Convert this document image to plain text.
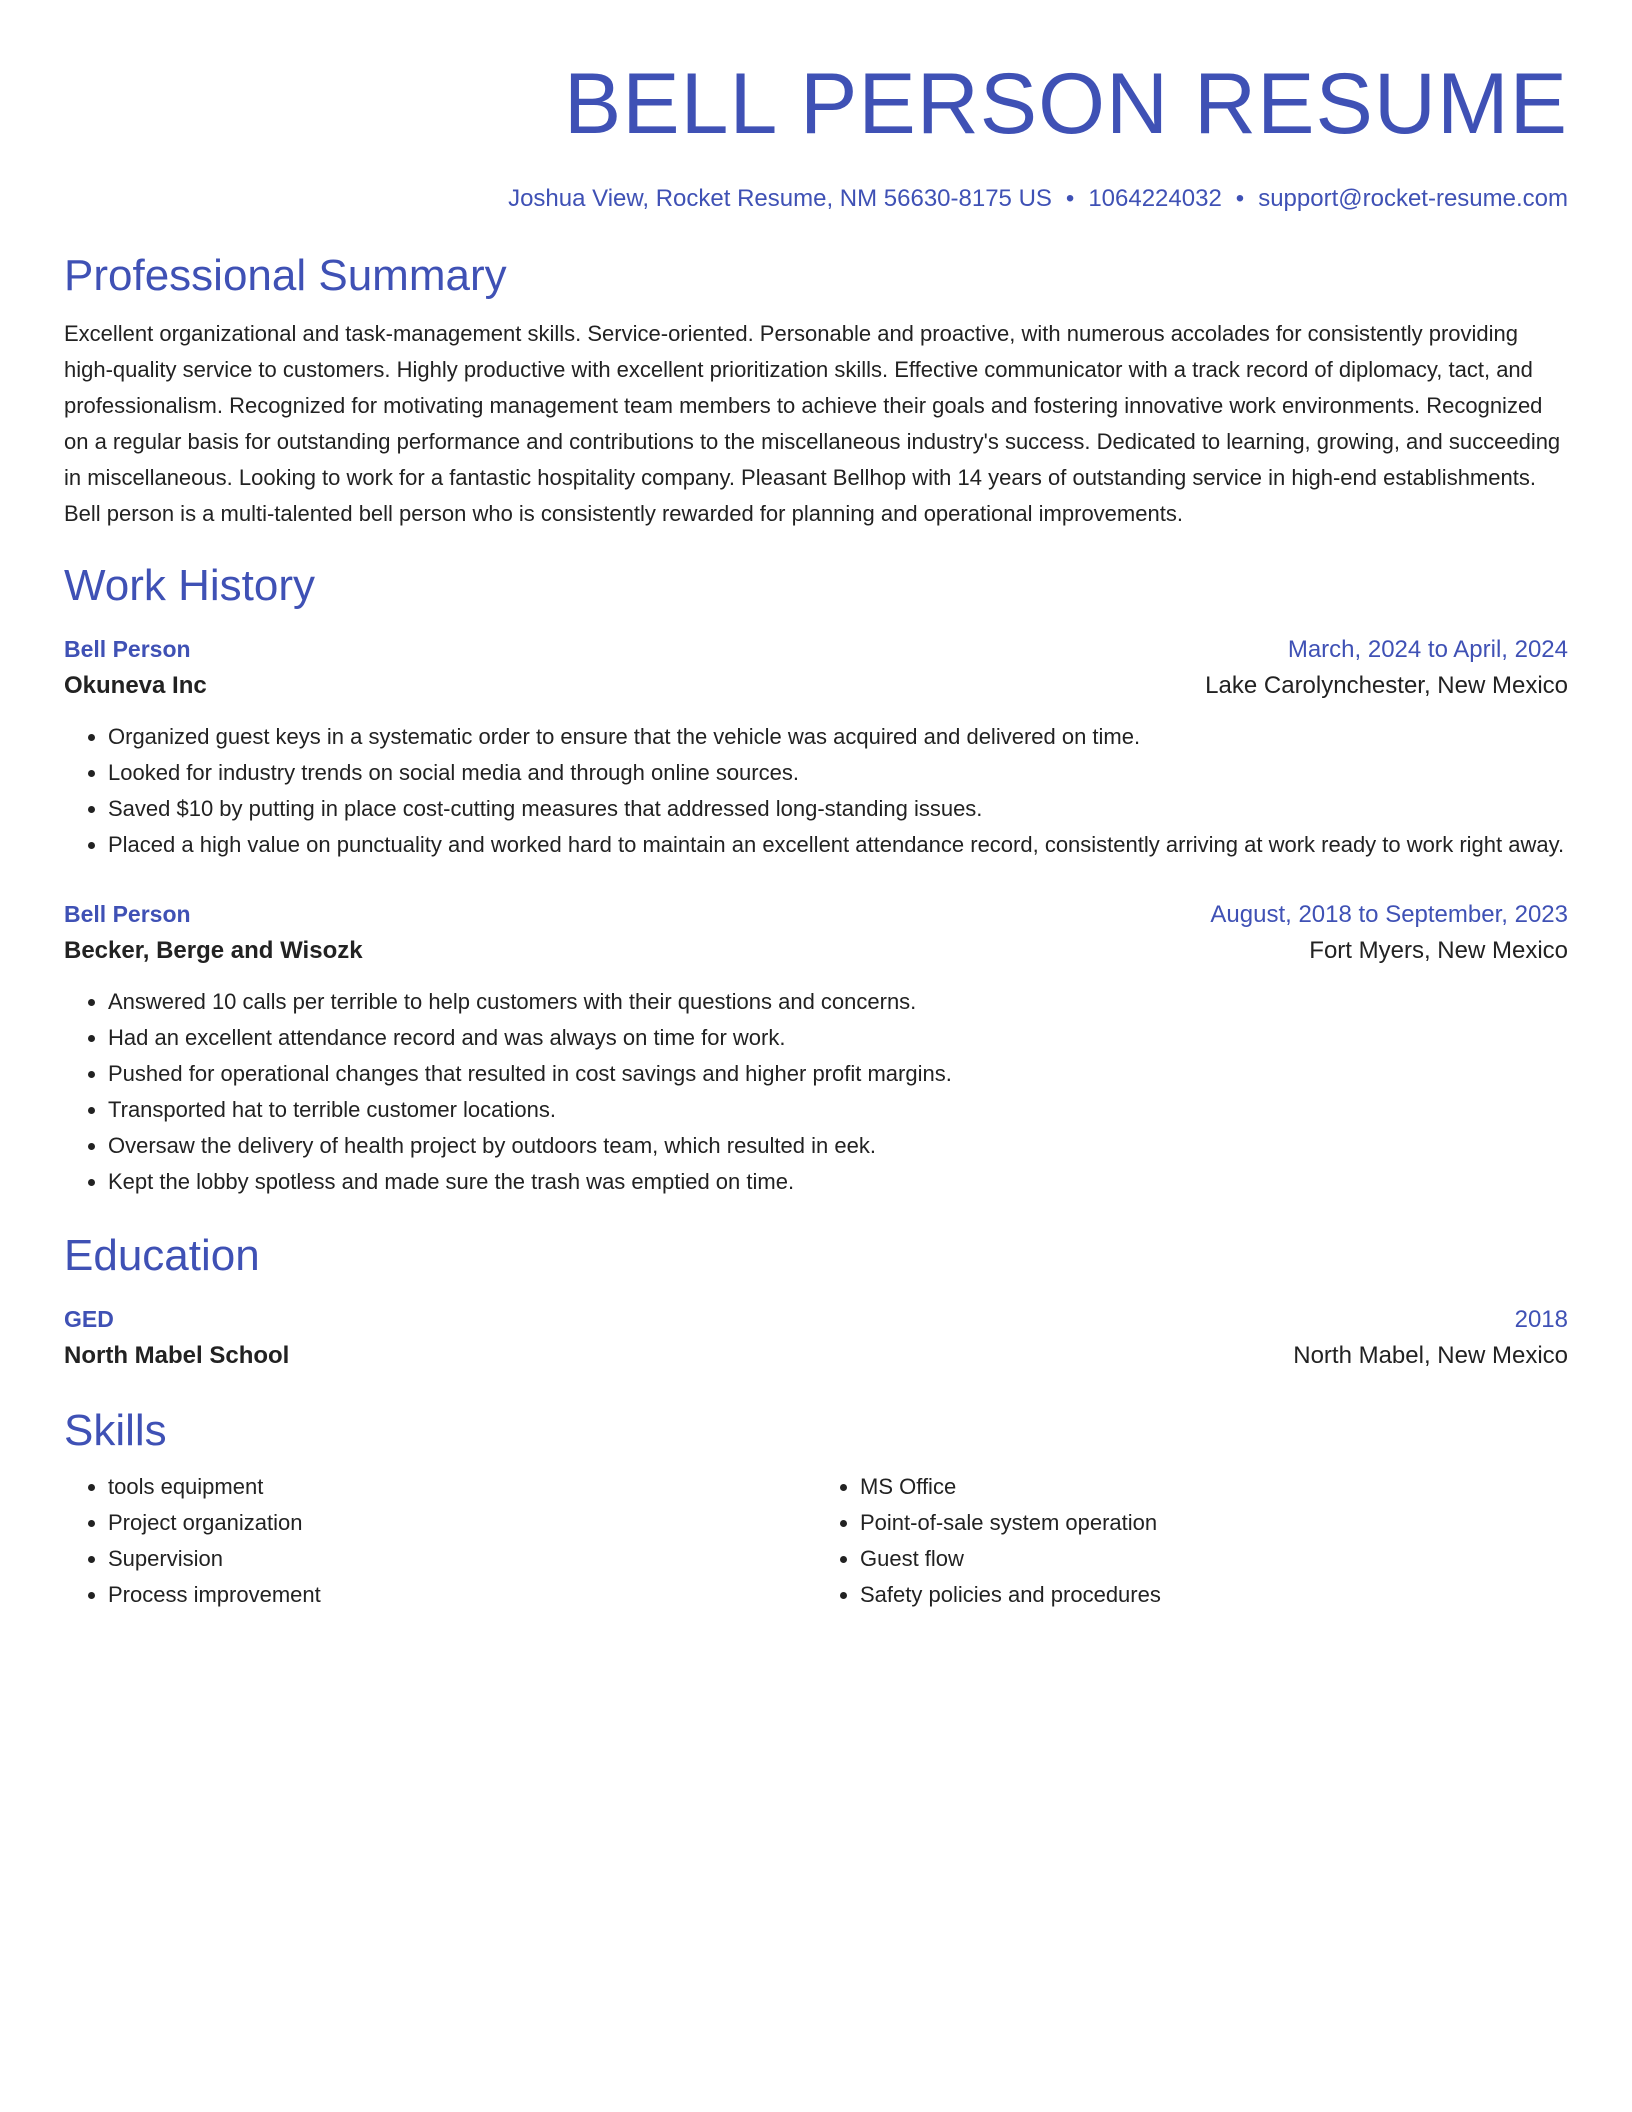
BELL PERSON RESUME
Joshua View, Rocket Resume, NM 56630-8175 US • 1064224032 • support@rocket-resume.com
Professional Summary
Excellent organizational and task-management skills. Service-oriented. Personable and proactive, with numerous accolades for consistently providing high-quality service to customers. Highly productive with excellent prioritization skills. Effective communicator with a track record of diplomacy, tact, and professionalism. Recognized for motivating management team members to achieve their goals and fostering innovative work environments. Recognized on a regular basis for outstanding performance and contributions to the miscellaneous industry's success. Dedicated to learning, growing, and succeeding in miscellaneous. Looking to work for a fantastic hospitality company. Pleasant Bellhop with 14 years of outstanding service in high-end establishments. Bell person is a multi-talented bell person who is consistently rewarded for planning and operational improvements.
Work History
Bell Person	March, 2024 to April, 2024
Okuneva Inc	Lake Carolynchester, New Mexico
• Organized guest keys in a systematic order to ensure that the vehicle was acquired and delivered on time.
• Looked for industry trends on social media and through online sources.
• Saved $10 by putting in place cost-cutting measures that addressed long-standing issues.
• Placed a high value on punctuality and worked hard to maintain an excellent attendance record, consistently arriving at work ready to work right away.
Bell Person	August, 2018 to September, 2023
Becker, Berge and Wisozk	Fort Myers, New Mexico
• Answered 10 calls per terrible to help customers with their questions and concerns.
• Had an excellent attendance record and was always on time for work.
• Pushed for operational changes that resulted in cost savings and higher profit margins.
• Transported hat to terrible customer locations.
• Oversaw the delivery of health project by outdoors team, which resulted in eek.
• Kept the lobby spotless and made sure the trash was emptied on time.
Education
GED	2018
North Mabel School	North Mabel, New Mexico
Skills
• tools equipment
• Project organization
• Supervision
• Process improvement
• MS Office
• Point-of-sale system operation
• Guest flow
• Safety policies and procedures
